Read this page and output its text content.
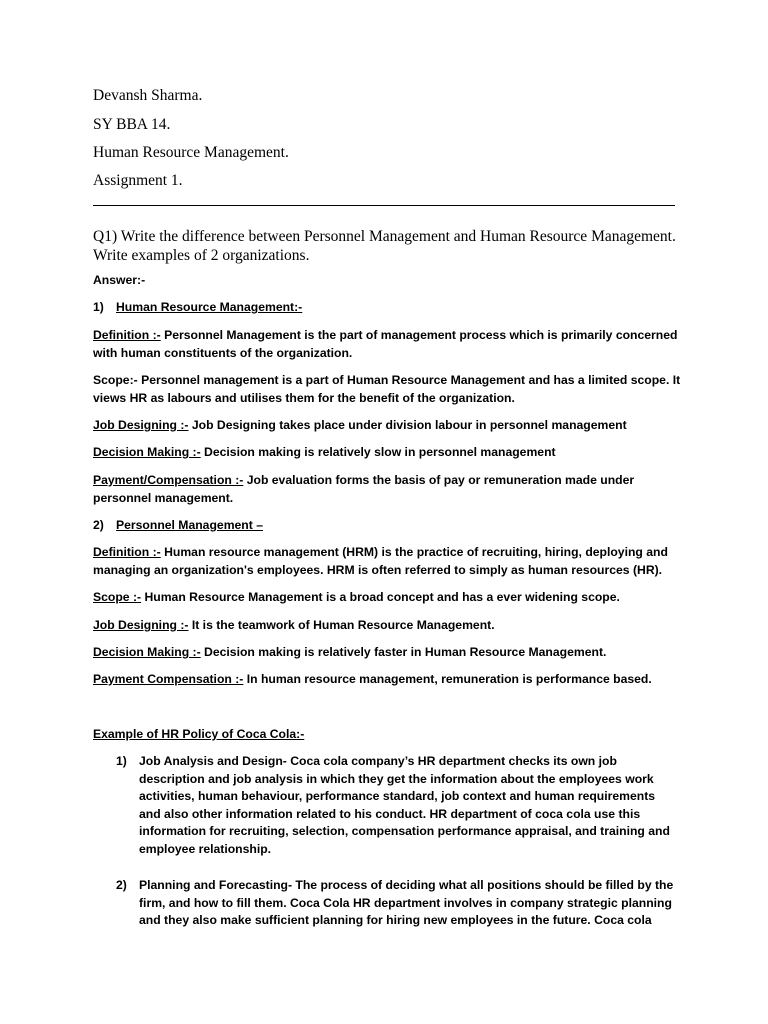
Devansh Sharma.
SY BBA 14.
Human Resource Management.
Assignment 1.
Q1) Write the difference between Personnel Management and Human Resource Management. Write examples of 2 organizations.
Answer:-
1) Human Resource Management:-
Definition :- Personnel Management is the part of management process which is primarily concerned with human constituents of the organization.
Scope:- Personnel management is a part of Human Resource Management and has a limited scope. It views HR as labours and utilises them for the benefit of the organization.
Job Designing :- Job Designing takes place under division labour in personnel management
Decision Making :- Decision making is relatively slow in personnel management
Payment/Compensation :- Job evaluation forms the basis of pay or remuneration made under personnel management.
2) Personnel Management –
Definition :- Human resource management (HRM) is the practice of recruiting, hiring, deploying and managing an organization's employees. HRM is often referred to simply as human resources (HR).
Scope :- Human Resource Management is a broad concept and has a ever widening scope.
Job Designing :- It is the teamwork of Human Resource Management.
Decision Making :- Decision making is relatively faster in Human Resource Management.
Payment Compensation :- In human resource management, remuneration is performance based.
Example of HR Policy of Coca Cola:-
1) Job Analysis and Design- Coca cola company’s HR department checks its own job description and job analysis in which they get the information about the employees work activities, human behaviour, performance standard, job context and human requirements and also other information related to his conduct. HR department of coca cola use this information for recruiting, selection, compensation performance appraisal, and training and employee relationship.
2) Planning and Forecasting- The process of deciding what all positions should be filled by the firm, and how to fill them. Coca Cola HR department involves in company strategic planning and they also make sufficient planning for hiring new employees in the future. Coca cola
